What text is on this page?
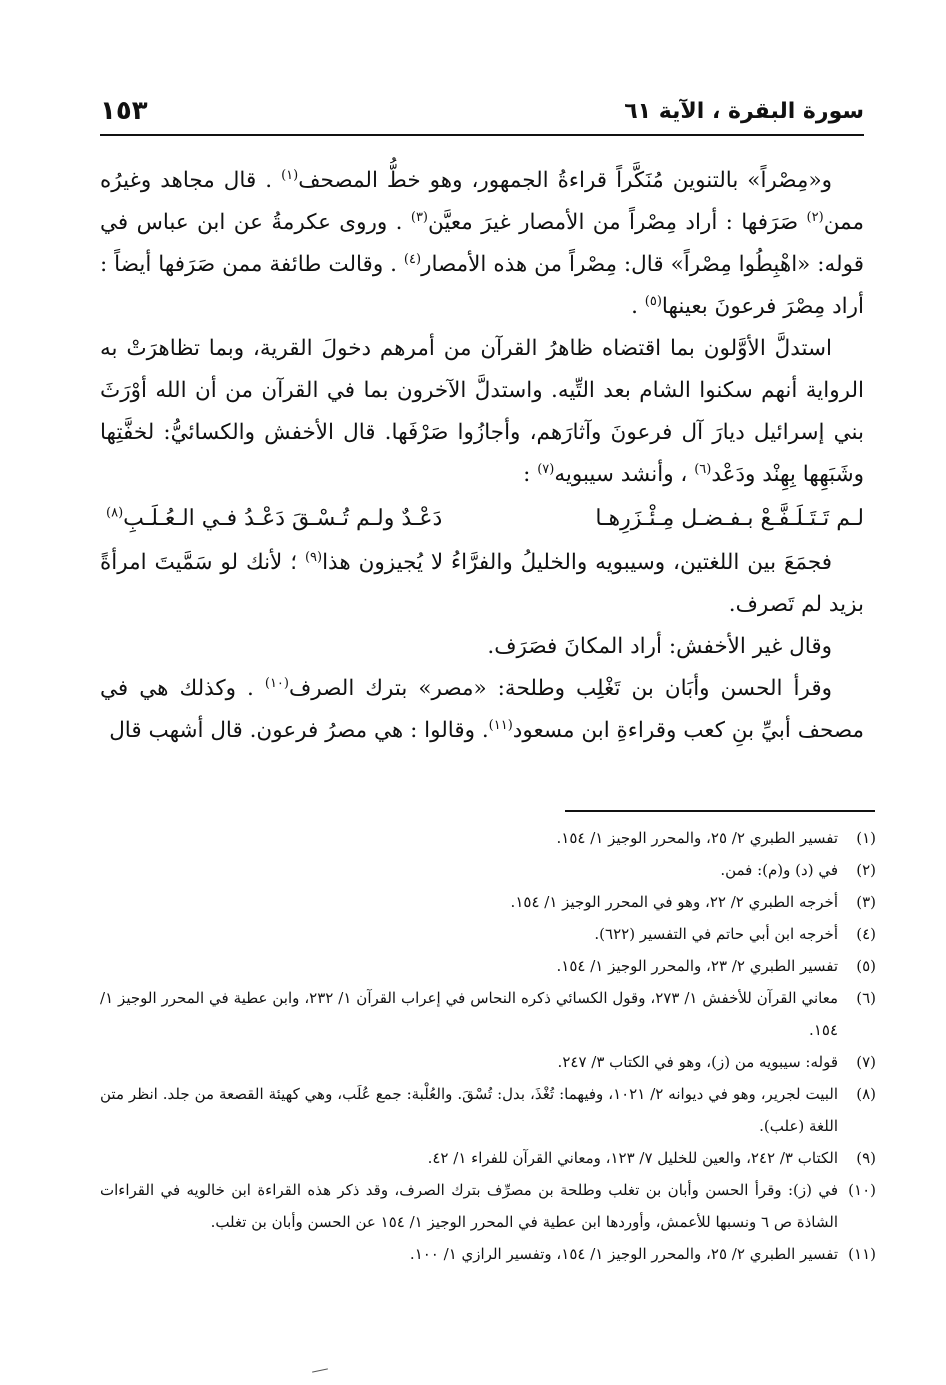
سورة البقرة ، الآية ٦١
١٥٣

و«مِصْراً» بالتنوين مُنَكَّراً قراءةُ الجمهور، وهو خطُّ المصحف$^{(١)}$ . قال مجاهد وغيرُه ممن$^{(٢)}$ صَرَفها : أراد مِصْراً من الأمصار غيرَ معيَّن$^{(٣)}$ . وروى عكرمةُ عن ابن عباس في قوله: «اهْبِطُوا مِصْراً» قال: مِصْراً من هذه الأمصار$^{(٤)}$ . وقالت طائفة ممن صَرَفها أيضاً : أراد مِصْرَ فرعونَ بعينها$^{(٥)}$ .

استدلَّ الأوَّلون بما اقتضاه ظاهرُ القرآن من أمرهم دخولَ القرية، وبما تظاهرَتْ به الرواية أنهم سكنوا الشام بعد التِّيه. واستدلَّ الآخرون بما في القرآن من أن الله أوْرَثَ بني إسرائيل ديارَ آل فرعونَ وآثارَهم، وأجازُوا صَرْفَها. قال الأخفش والكسائيُّ: لخفَّتِها وشَبَهِها بِهِنْد ودَعْد$^{(٦)}$ ، وأنشد سيبويه$^{(٧)}$ :

لـم تَـتَـلَـفَّـعْ بـفـضـل مِـئْـزَرِهـا
دَعْـدٌ ولـم تُـسْـقَ دَعْـدُ فـي الـعُـلَـبِ$^{(٨)}$

فجمَعَ بين اللغتين، وسيبويه والخليلُ والفرَّاءُ لا يُجيزون هذا$^{(٩)}$ ؛ لأنك لو سَمَّيتَ امرأةً بزيد لم تَصرف.

وقال غير الأخفش: أراد المكانَ فصَرَف.

وقرأ الحسن وأبَان بن تَغْلِب وطلحة: «مصر» بترك الصرف$^{(١٠)}$ . وكذلك هي في مصحف أبيِّ بنِ كعب وقراءةِ ابن مسعود$^{(١١)}$. وقالوا : هي مصرُ فرعون. قال أشهب قال

(١)
تفسير الطبري ٢/ ٢٥، والمحرر الوجيز ١/ ١٥٤.
(٢)
في (د) و(م): فمن.
(٣)
أخرجه الطبري ٢/ ٢٢، وهو في المحرر الوجيز ١/ ١٥٤.
(٤)
أخرجه ابن أبي حاتم في التفسير (٦٢٢).
(٥)
تفسير الطبري ٢/ ٢٣، والمحرر الوجيز ١/ ١٥٤.
(٦)
معاني القرآن للأخفش ١/ ٢٧٣، وقول الكسائي ذكره النحاس في إعراب القرآن ١/ ٢٣٢، وابن عطية في المحرر الوجيز ١/ ١٥٤.
(٧)
قوله: سيبويه من (ز)، وهو في الكتاب ٣/ ٢٤٧.
(٨)
البيت لجرير، وهو في ديوانه ٢/ ١٠٢١، وفيهما: تُغْذَ، بدل: تُسْقَ. والعُلْبة: جمع عُلَب، وهي كهيئة القصعة من جلد. انظر متن اللغة (علب).
(٩)
الكتاب ٣/ ٢٤٢، والعين للخليل ٧/ ١٢٣، ومعاني القرآن للفراء ١/ ٤٢.
(١٠)
في (ز): وقرأ الحسن وأبان بن تغلب وطلحة بن مصرِّف بترك الصرف، وقد ذكر هذه القراءة ابن خالويه في القراءات الشاذة ص ٦ ونسبها للأعمش، وأوردها ابن عطية في المحرر الوجيز ١/ ١٥٤ عن الحسن وأبان بن تغلب.
(١١)
تفسير الطبري ٢/ ٢٥، والمحرر الوجيز ١/ ١٥٤، وتفسير الرازي ١/ ١٠٠.
